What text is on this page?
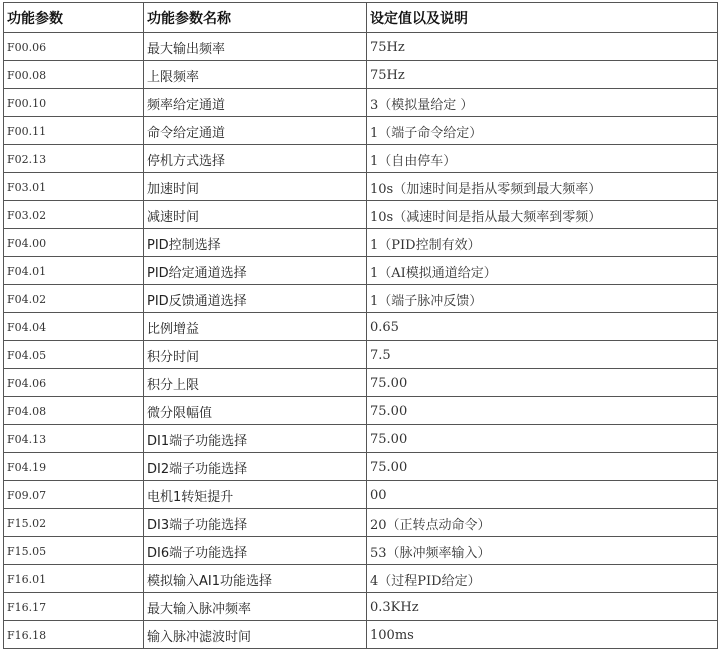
功能参数	功能参数名称	设定值以及说明
F00.06	最大输出频率	75Hz
F00.08	上限频率	75Hz
F00.10	频率给定通道	3（模拟量给定 ）
F00.11	命令给定通道	1（端子命令给定）
F02.13	停机方式选择	1（自由停车）
F03.01	加速时间	10s（加速时间是指从零频到最大频率）
F03.02	减速时间	10s（减速时间是指从最大频率到零频）
F04.00	PID控制选择	1（PID控制有效）
F04.01	PID给定通道选择	1（AI模拟通道给定）
F04.02	PID反馈通道选择	1（端子脉冲反馈）
F04.04	比例增益	0.65
F04.05	积分时间	7.5
F04.06	积分上限	75.00
F04.08	微分限幅值	75.00
F04.13	DI1端子功能选择	75.00
F04.19	DI2端子功能选择	75.00
F09.07	电机1转矩提升	00
F15.02	DI3端子功能选择	20（正转点动命令）
F15.05	DI6端子功能选择	53（脉冲频率输入）
F16.01	模拟输入AI1功能选择	4（过程PID给定）
F16.17	最大输入脉冲频率	0.3KHz
F16.18	输入脉冲滤波时间	100ms
